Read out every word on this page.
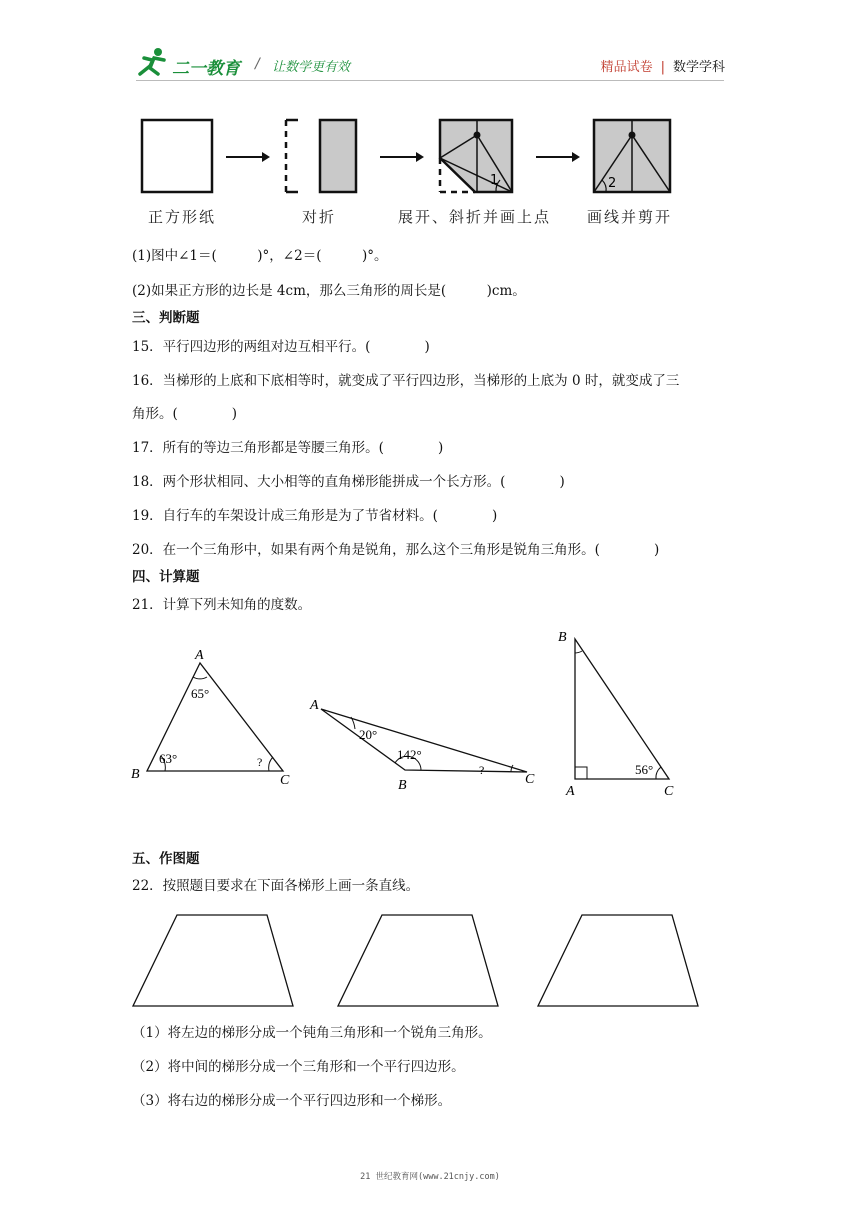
二一教育 / 让数学更有效	精品试卷 | 数学学科
1	2
正方形纸	对折	展开、斜折并画上点 画线并剪开
(1)图中∠1＝(　　　)°，∠2＝(　　　)°。
(2)如果正方形的边长是 4cm，那么三角形的周长是(　　　)cm。
三、判断题
15．平行四边形的两组对边互相平行。(　　　　)
16．当梯形的上底和下底相等时，就变成了平行四边形，当梯形的上底为 0 时，就变成了三
角形。(　　　　)
17．所有的等边三角形都是等腰三角形。(　　　　)
18．两个形状相同、大小相等的直角梯形能拼成一个长方形。(　　　　)
19．自行车的车架设计成三角形是为了节省材料。(　　　　)
20．在一个三角形中，如果有两个角是锐角，那么这个三角形是锐角三角形。(　　　　)
四、计算题
21．计算下列未知角的度数。
A
B	C
65°
63°	?
A
B	C
20°
142°
?
B
A	C
56°
五、作图题
22．按照题目要求在下面各梯形上画一条直线。
（1）将左边的梯形分成一个钝角三角形和一个锐角三角形。
（2）将中间的梯形分成一个三角形和一个平行四边形。
（3）将右边的梯形分成一个平行四边形和一个梯形。
21 世纪教育网(www.21cnjy.com)
